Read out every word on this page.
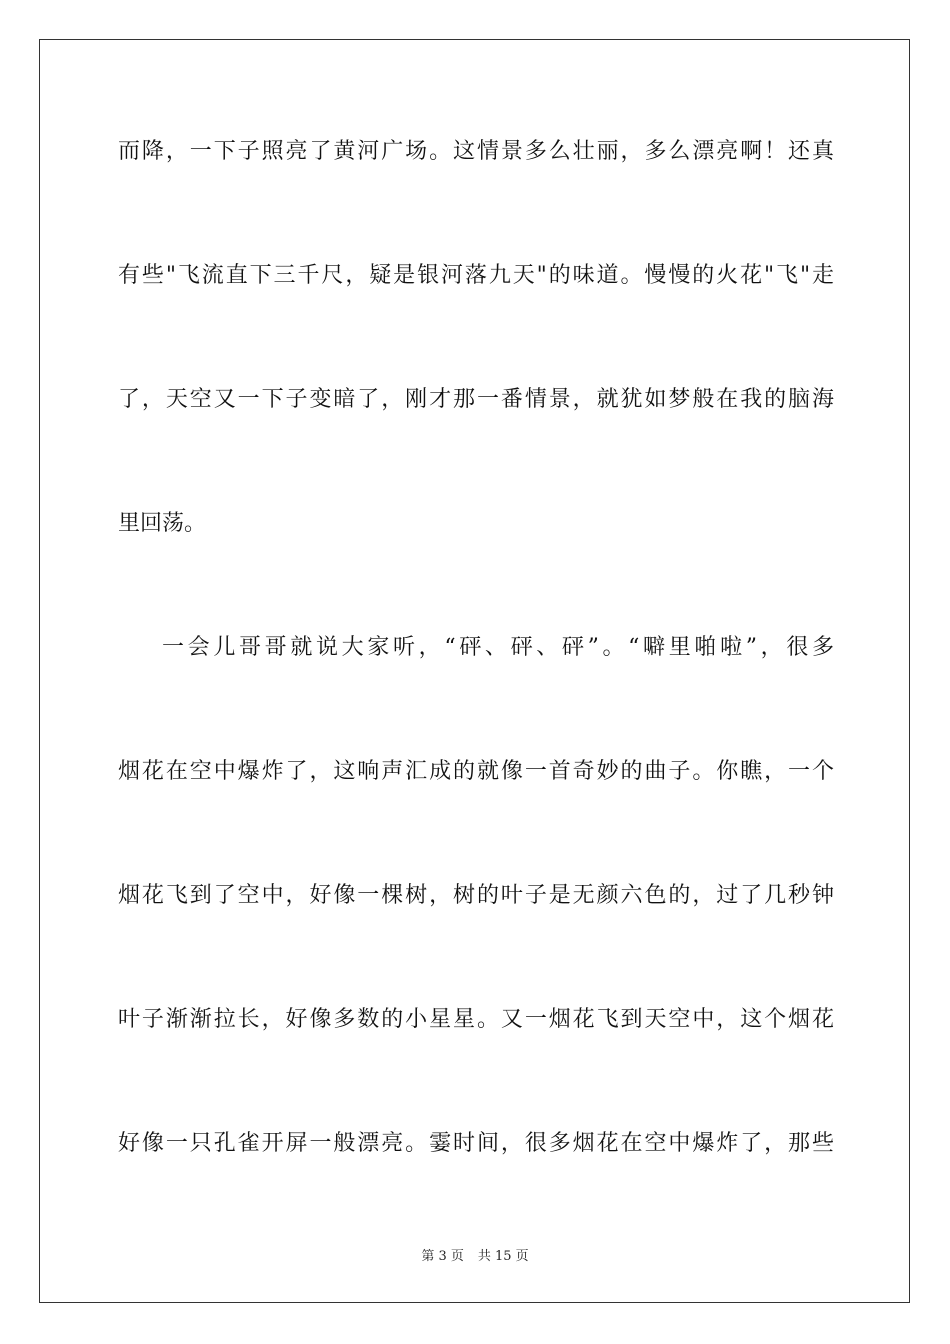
而降，一下子照亮了黄河广场。这情景多么壮丽，多么漂亮啊！还真
有些"飞流直下三千尺，疑是银河落九天"的味道。慢慢的火花"飞"走
了，天空又一下子变暗了，刚才那一番情景，就犹如梦般在我的脑海
里回荡。
一会儿哥哥就说大家听，“砰、砰、砰”。“噼里啪啦”，很多
烟花在空中爆炸了，这响声汇成的就像一首奇妙的曲子。你瞧，一个
烟花飞到了空中，好像一棵树，树的叶子是无颜六色的，过了几秒钟
叶子渐渐拉长，好像多数的小星星。又一烟花飞到天空中，这个烟花
好像一只孔雀开屏一般漂亮。霎时间，很多烟花在空中爆炸了，那些
第 3 页 共 15 页
